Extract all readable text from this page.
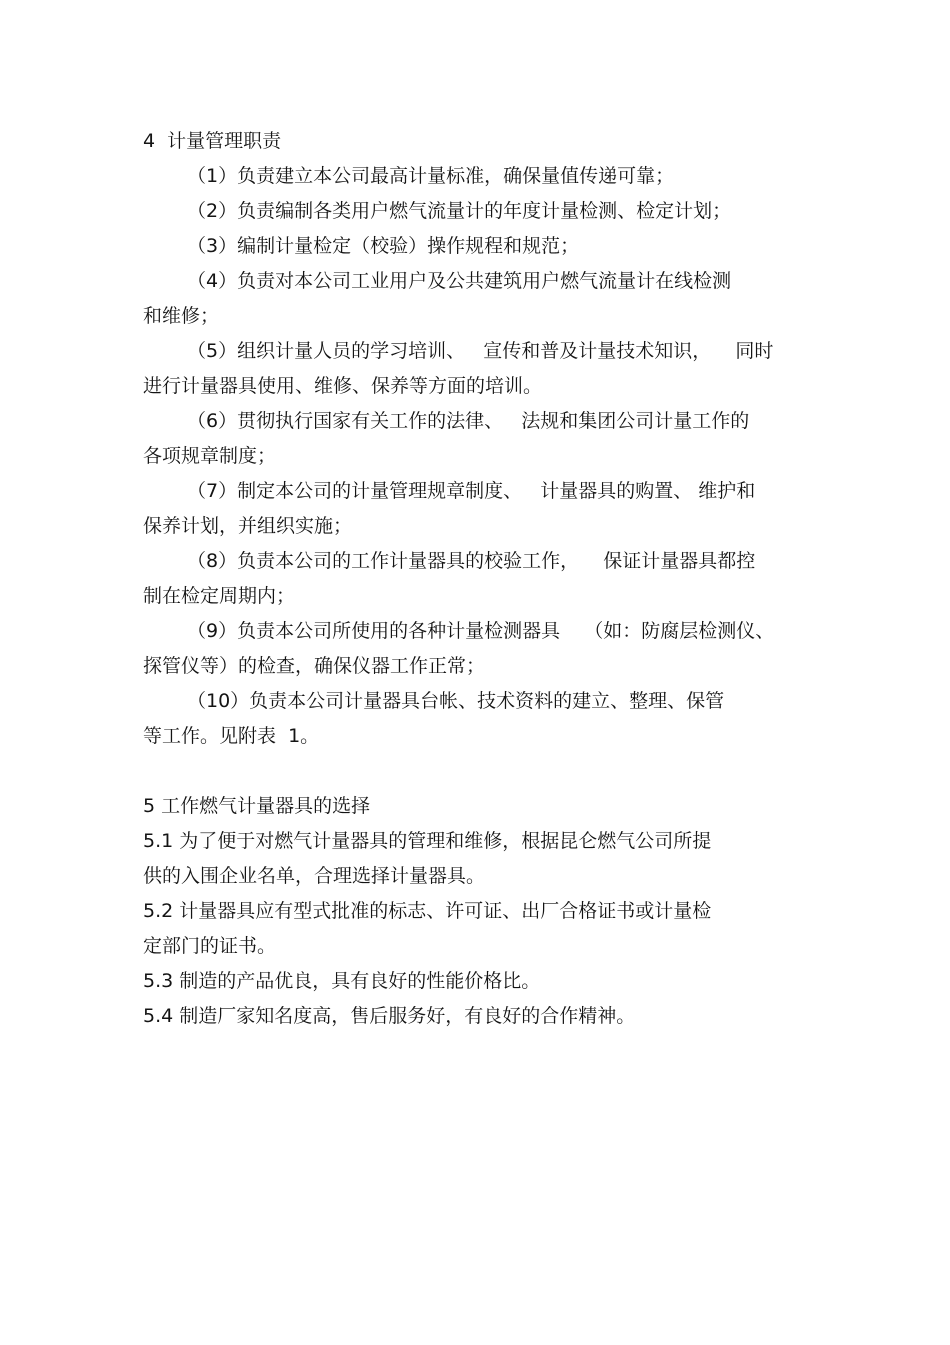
4  计量管理职责

（1）负责建立本公司最高计量标准，确保量值传递可靠；

（2）负责编制各类用户燃气流量计的年度计量检测、检定计划；

（3）编制计量检定（校验）操作规程和规范；

（4）负责对本公司工业用户及公共建筑用户燃气流量计在线检测

和维修；

（5）组织计量人员的学习培训、   宣传和普及计量技术知识，    同时

进行计量器具使用、维修、保养等方面的培训。

（6）贯彻执行国家有关工作的法律、   法规和集团公司计量工作的

各项规章制度；

（7）制定本公司的计量管理规章制度、   计量器具的购置、 维护和

保养计划，并组织实施；

（8）负责本公司的工作计量器具的校验工作，    保证计量器具都控

制在检定周期内；

（9）负责本公司所使用的各种计量检测器具    （如：防腐层检测仪、

探管仪等）的检查，确保仪器工作正常；

（10）负责本公司计量器具台帐、技术资料的建立、整理、保管

等工作。见附表  1。

5 工作燃气计量器具的选择

5.1 为了便于对燃气计量器具的管理和维修，根据昆仑燃气公司所提

供的入围企业名单，合理选择计量器具。

5.2 计量器具应有型式批准的标志、许可证、出厂合格证书或计量检

定部门的证书。

5.3 制造的产品优良，具有良好的性能价格比。

5.4 制造厂家知名度高，售后服务好，有良好的合作精神。
